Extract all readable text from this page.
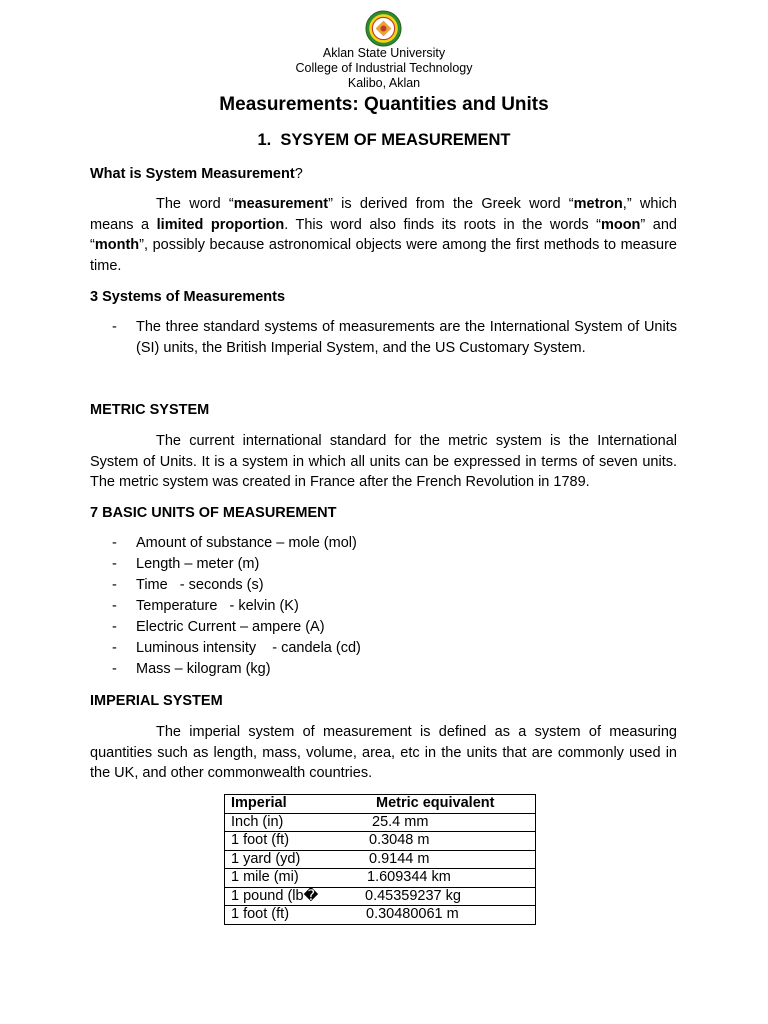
Aklan State University
College of Industrial Technology
Kalibo, Aklan
Measurements: Quantities and Units
1. SYSYEM OF MEASUREMENT
What is System Measurement?

The word “measurement” is derived from the Greek word “metron,” which means a limited proportion. This word also finds its roots in the words “moon” and “month”, possibly because astronomical objects were among the first methods to measure time.

3 Systems of Measurements
- The three standard systems of measurements are the International System of Units (SI) units, the British Imperial System, and the US Customary System.
METRIC SYSTEM

The current international standard for the metric system is the International System of Units. It is a system in which all units can be expressed in terms of seven units. The metric system was created in France after the French Revolution in 1789.

7 BASIC UNITS OF MEASUREMENT
- Amount of substance – mole (mol)
- Length – meter (m)
- Time   - seconds (s)
- Temperature   - kelvin (K)
- Electric Current – ampere (A)
- Luminous intensity    - candela (cd)
- Mass – kilogram (kg)
IMPERIAL SYSTEM

The imperial system of measurement is defined as a system of measuring quantities such as length, mass, volume, area, etc in the units that are commonly used in the UK, and other commonwealth countries.

Imperial	Metric equivalent
Inch (in)	25.4 mm
1 foot (ft)	0.3048 m
1 yard (yd)	0.9144 m
1 mile (mi)	1.609344 km
1 pound (lb�	0.45359237 kg
1 foot (ft)	0.30480061 m
